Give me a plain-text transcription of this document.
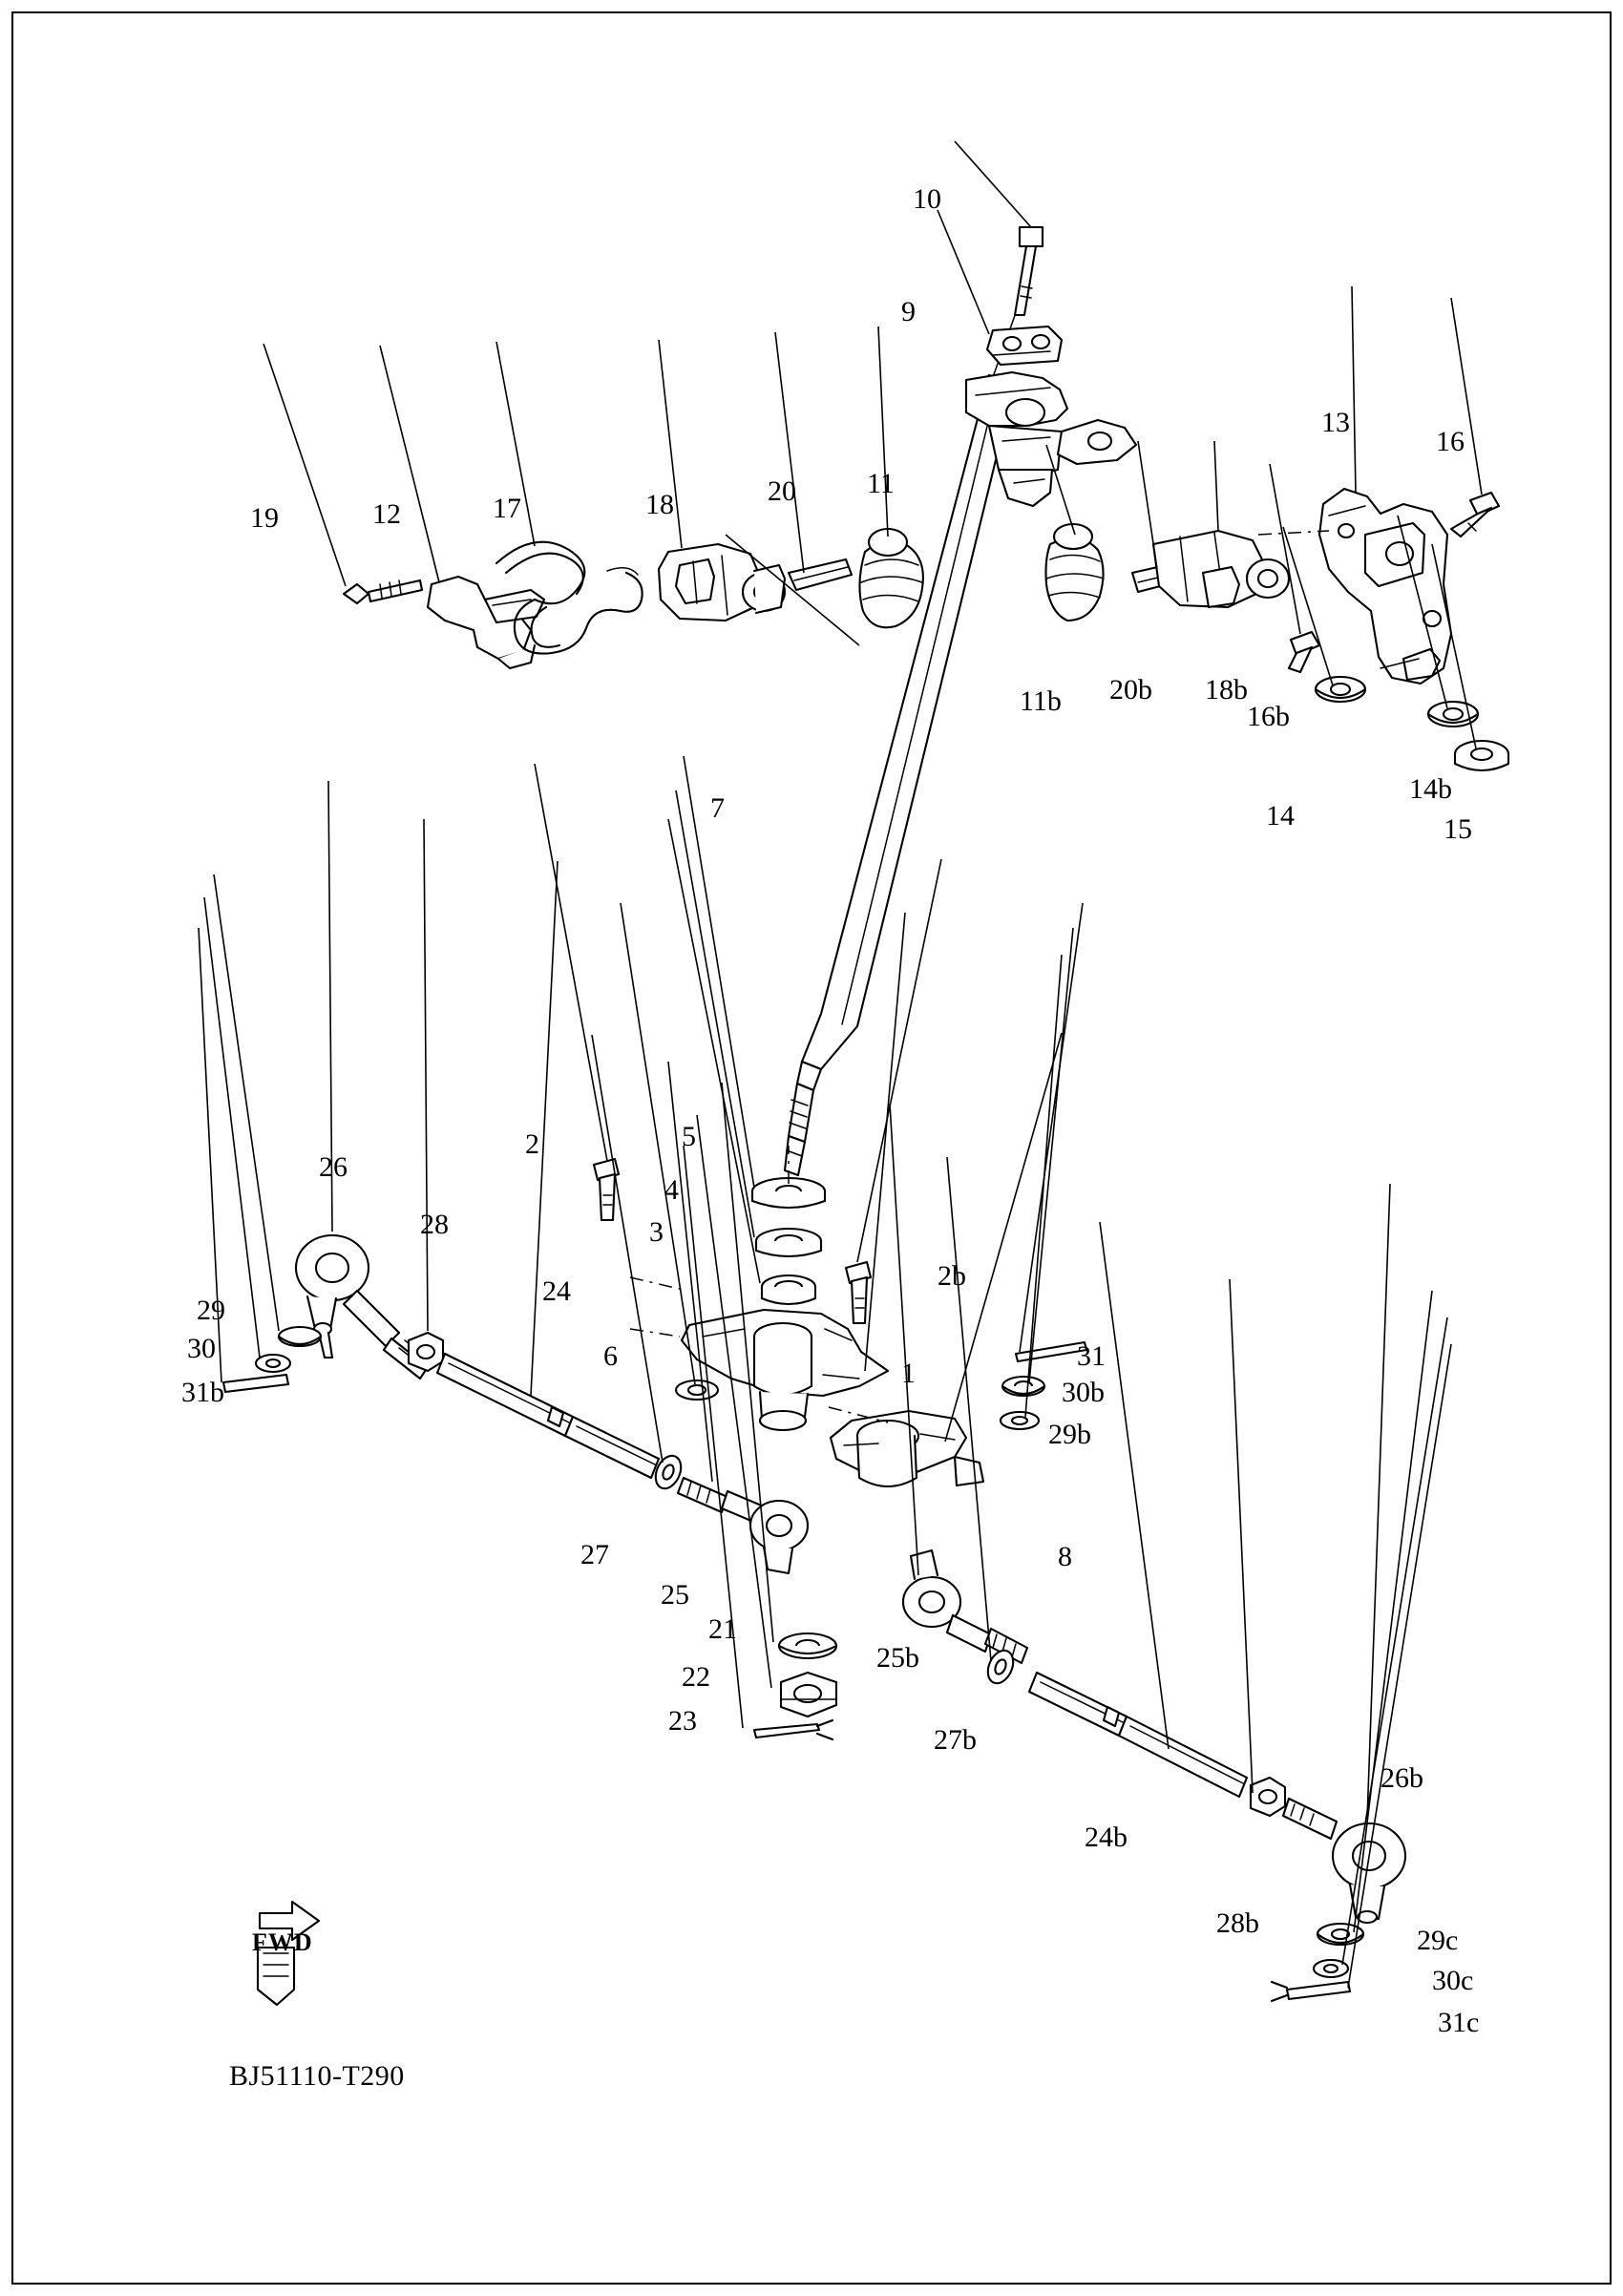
10
9
13
16
19	12	17	18	20 11
11b 20b 18b
16b
14
14b
15
7
2	5
26
4
28	3
2b
29
24
30	6
1
31
31b	30b
29b
8
27
25
21
22
23
25b
27b
26b
24b
28b
29c
30c
31c
FWD
BJ51110-T290
